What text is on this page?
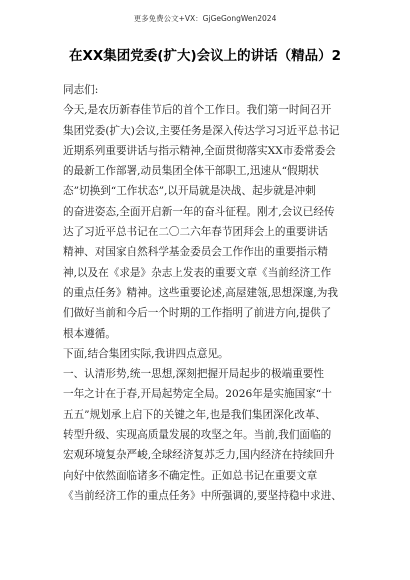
更多免费公文+VX：GjGeGongWen2024
在XX集团党委(扩大)会议上的讲话（精品）2
同志们:
今天,是农历新春佳节后的首个工作日。我们第一时间召开
集团党委(扩大)会议,主要任务是深入传达学习习近平总书记
近期系列重要讲话与指示精神,全面贯彻落实XX市委常委会
的最新工作部署,动员集团全体干部职工,迅速从“假期状
态”切换到“工作状态”,以开局就是决战、起步就是冲刺
的奋进姿态,全面开启新一年的奋斗征程。刚才,会议已经传
达了习近平总书记在二〇二六年春节团拜会上的重要讲话
精神、对国家自然科学基金委员会工作作出的重要指示精
神,以及在《求是》杂志上发表的重要文章《当前经济工作
的重点任务》精神。这些重要论述,高屋建瓴,思想深邃,为我
们做好当前和今后一个时期的工作指明了前进方向,提供了
根本遵循。
下面,结合集团实际,我讲四点意见。
一、认清形势,统一思想,深刻把握开局起步的极端重要性
一年之计在于春,开局起势定全局。2026年是实施国家“十
五五”规划承上启下的关键之年,也是我们集团深化改革、
转型升级、实现高质量发展的攻坚之年。当前,我们面临的
宏观环境复杂严峻,全球经济复苏乏力,国内经济在持续回升
向好中依然面临诸多不确定性。正如总书记在重要文章
《当前经济工作的重点任务》中所强调的,要坚持稳中求进、
